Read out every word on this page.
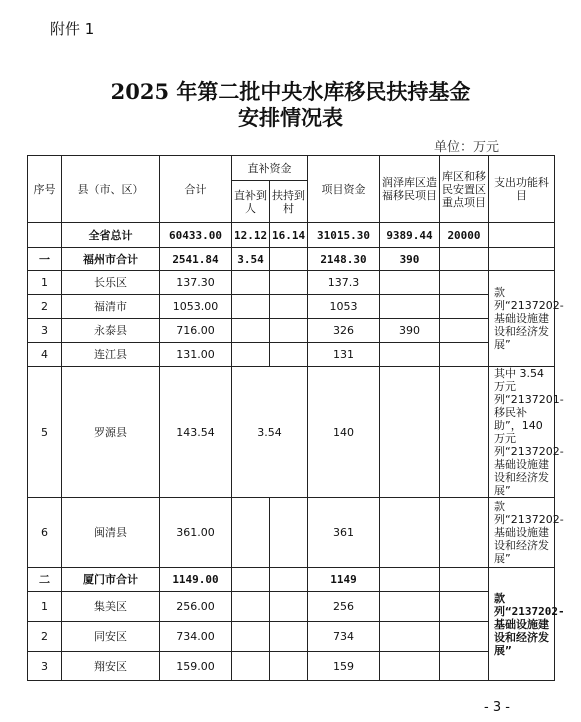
附件 1
2025 年第二批中央水库移民扶持基金
安排情况表
单位：万元
序号	县（市、区）	合计	直补资金		项目资金	润泽库区造福移民项目	库区和移民安置区重点项目	支出功能科目
			直补到人	扶持到村				
	全省总计	60433.00	12.12	16.14	31015.30	9389.44	20000	
一	福州市合计	2541.84	3.54		2148.30	390		
1	长乐区	137.30			137.3			款列“2137202-基础设施建设和经济发展”
2	福清市	1053.00			1053			
3	永泰县	716.00			326	390		
4	连江县	131.00			131			
5	罗源县	143.54	3.54		140			其中 3.54万元列“2137201-移民补助”，140 万元列“2137202-基础设施建设和经济发展”
6	闽清县	361.00			361			款列“2137202-基础设施建设和经济发展”
二	厦门市合计	1149.00			1149			款列“2137202-基础设施建设和经济发展”
1	集美区	256.00			256			
2	同安区	734.00			734			
3	翔安区	159.00			159			
- 3 -
